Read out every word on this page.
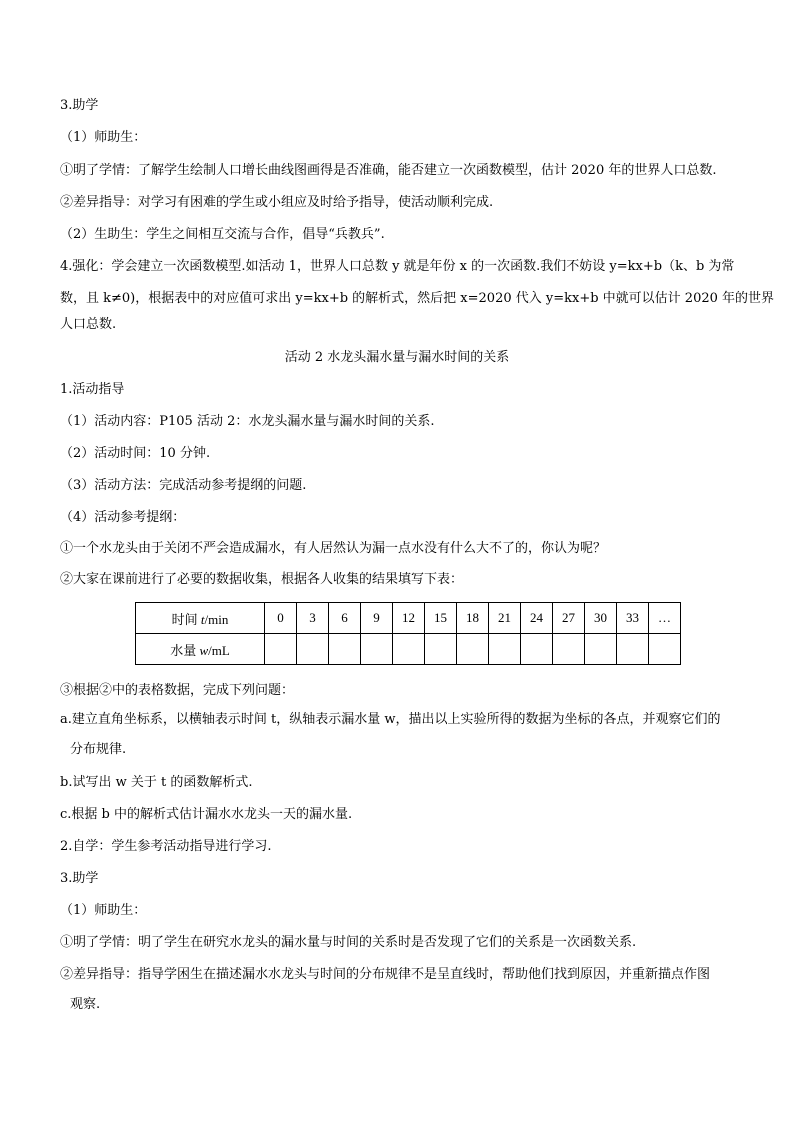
3.助学
（1）师助生：
①明了学情：了解学生绘制人口增长曲线图画得是否准确，能否建立一次函数模型，估计 2020 年的世界人口总数.
②差异指导：对学习有困难的学生或小组应及时给予指导，使活动顺利完成.
（2）生助生：学生之间相互交流与合作，倡导“兵教兵”.
4.强化：学会建立一次函数模型.如活动 1，世界人口总数 y 就是年份 x 的一次函数.我们不妨设 y=kx+b（k、b 为常
数，且 k≠0)，根据表中的对应值可求出 y=kx+b 的解析式，然后把 x=2020 代入 y=kx+b 中就可以估计 2020 年的世界
人口总数.
活动 2 水龙头漏水量与漏水时间的关系
1.活动指导
（1）活动内容：P105 活动 2：水龙头漏水量与漏水时间的关系.
（2）活动时间：10 分钟.
（3）活动方法：完成活动参考提纲的问题.
（4）活动参考提纲：
①一个水龙头由于关闭不严会造成漏水，有人居然认为漏一点水没有什么大不了的，你认为呢？
②大家在课前进行了必要的数据收集，根据各人收集的结果填写下表：
时间 t/min	0	3	6	9	12	15	18	21	24	27	30	33	…
水量 w/mL													
③根据②中的表格数据，完成下列问题：
a.建立直角坐标系，以横轴表示时间 t，纵轴表示漏水量 w，描出以上实验所得的数据为坐标的各点，并观察它们的
分布规律.
b.试写出 w 关于 t 的函数解析式.
c.根据 b 中的解析式估计漏水水龙头一天的漏水量.
2.自学：学生参考活动指导进行学习.
3.助学
（1）师助生：
①明了学情：明了学生在研究水龙头的漏水量与时间的关系时是否发现了它们的关系是一次函数关系.
②差异指导：指导学困生在描述漏水水龙头与时间的分布规律不是呈直线时，帮助他们找到原因，并重新描点作图
观察.
